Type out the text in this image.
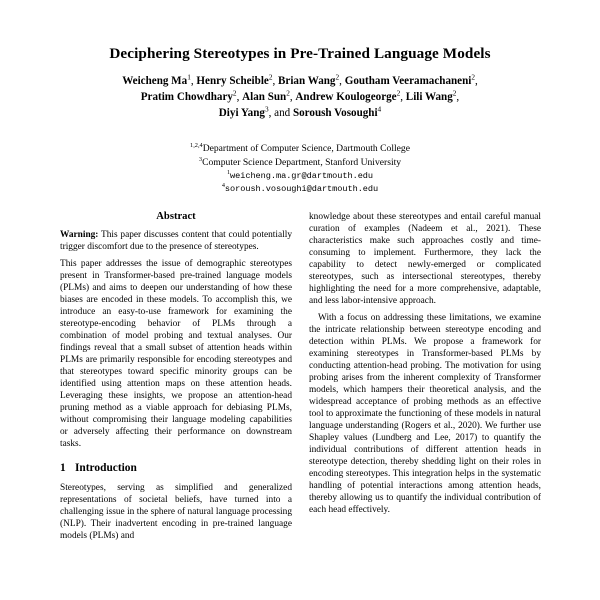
Deciphering Stereotypes in Pre-Trained Language Models
Weicheng Ma$^1$, Henry Scheible$^2$, Brian Wang$^2$, Goutham Veeramachaneni$^2$,
Pratim Chowdhary$^2$, Alan Sun$^2$, Andrew Koulogeorge$^2$, Lili Wang$^2$,
Diyi Yang$^3$, and Soroush Vosoughi$^4$
$^{1,2,4}$Department of Computer Science, Dartmouth College
$^3$Computer Science Department, Stanford University
$^1$weicheng.ma.gr@dartmouth.edu
$^4$soroush.vosoughi@dartmouth.edu
Abstract

Warning: This paper discusses content that could potentially trigger discomfort due to the presence of stereotypes.

This paper addresses the issue of demographic stereotypes present in Transformer-based pre-trained language models (PLMs) and aims to deepen our understanding of how these biases are encoded in these models. To accomplish this, we introduce an easy-to-use framework for examining the stereotype-encoding behavior of PLMs through a combination of model probing and textual analyses. Our findings reveal that a small subset of attention heads within PLMs are primarily responsible for encoding stereotypes and that stereotypes toward specific minority groups can be identified using attention maps on these attention heads. Leveraging these insights, we propose an attention-head pruning method as a viable approach for debiasing PLMs, without compromising their language modeling capabilities or adversely affecting their performance on downstream tasks.

1 Introduction

Stereotypes, serving as simplified and generalized representations of societal beliefs, have turned into a challenging issue in the sphere of natural language processing (NLP). Their inadvertent encoding in pre-trained language models (PLMs) and

knowledge about these stereotypes and entail careful manual curation of examples (Nadeem et al., 2021). These characteristics make such approaches costly and time-consuming to implement. Furthermore, they lack the capability to detect newly-emerged or complicated stereotypes, such as intersectional stereotypes, thereby highlighting the need for a more comprehensive, adaptable, and less labor-intensive approach.

With a focus on addressing these limitations, we examine the intricate relationship between stereotype encoding and detection within PLMs. We propose a framework for examining stereotypes in Transformer-based PLMs by conducting attention-head probing. The motivation for using probing arises from the inherent complexity of Transformer models, which hampers their theoretical analysis, and the widespread acceptance of probing methods as an effective tool to approximate the functioning of these models in natural language understanding (Rogers et al., 2020). We further use Shapley values (Lundberg and Lee, 2017) to quantify the individual contributions of different attention heads in stereotype detection, thereby shedding light on their roles in encoding stereotypes. This integration helps in the systematic handling of potential interactions among attention heads, thereby allowing us to quantify the individual contribution of each head effectively.
